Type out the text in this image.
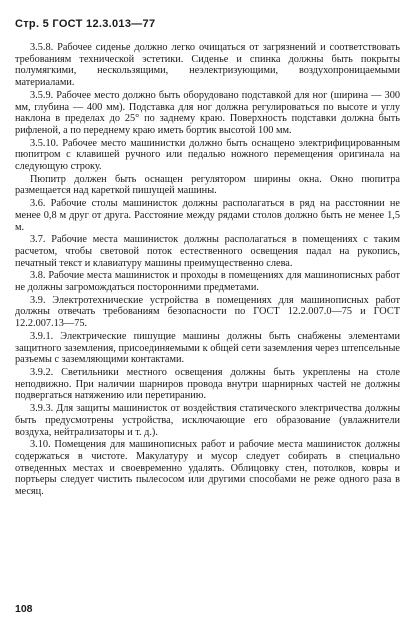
Стр. 5 ГОСТ 12.3.013—77

3.5.8. Рабочее сиденье должно легко очищаться от загрязнений и соответствовать требованиям технической эстетики. Сиденье и спинка должны быть покрыты полумягкими, нескользящими, неэлектризующими, воздухопроницаемыми материалами.

3.5.9. Рабочее место должно быть оборудовано подставкой для ног (ширина — 300 мм, глубина — 400 мм). Подставка для ног должна регулироваться по высоте и углу наклона в пределах до 25° по заднему краю. Поверхность подставки должна быть рифленой, а по переднему краю иметь бортик высотой 100 мм.

3.5.10. Рабочее место машинистки должно быть оснащено электрифицированным пюпитром с клавишей ручного или педалью ножного перемещения оригинала на следующую строку.

Пюпитр должен быть оснащен регулятором ширины окна. Окно пюпитра размещается над кареткой пишущей машины.

3.6. Рабочие столы машинисток должны располагаться в ряд на расстоянии не менее 0,8 м друг от друга. Расстояние между рядами столов должно быть не менее 1,5 м.

3.7. Рабочие места машинисток должны располагаться в помещениях с таким расчетом, чтобы световой поток естественного освещения падал на рукопись, печатный текст и клавиатуру машины преимущественно слева.

3.8. Рабочие места машинисток и проходы в помещениях для машинописных работ не должны загромождаться посторонними предметами.

3.9. Электротехнические устройства в помещениях для машинописных работ должны отвечать требованиям безопасности по ГОСТ 12.2.007.0—75 и ГОСТ 12.2.007.13—75.

3.9.1. Электрические пишущие машины должны быть снабжены элементами защитного заземления, присоединяемыми к общей сети заземления через штепсельные разъемы с заземляющими контактами.

3.9.2. Светильники местного освещения должны быть укреплены на столе неподвижно. При наличии шарниров провода внутри шарнирных частей не должны подвергаться натяжению или перетиранию.

3.9.3. Для защиты машинисток от воздействия статического электричества должны быть предусмотрены устройства, исключающие его образование (увлажнители воздуха, нейтрализаторы и т. д.).

3.10. Помещения для машинописных работ и рабочие места машинисток должны содержаться в чистоте. Макулатуру и мусор следует собирать в специально отведенных местах и своевременно удалять. Облицовку стен, потолков, ковры и портьеры следует чистить пылесосом или другими способами не реже одного раза в месяц.

108
